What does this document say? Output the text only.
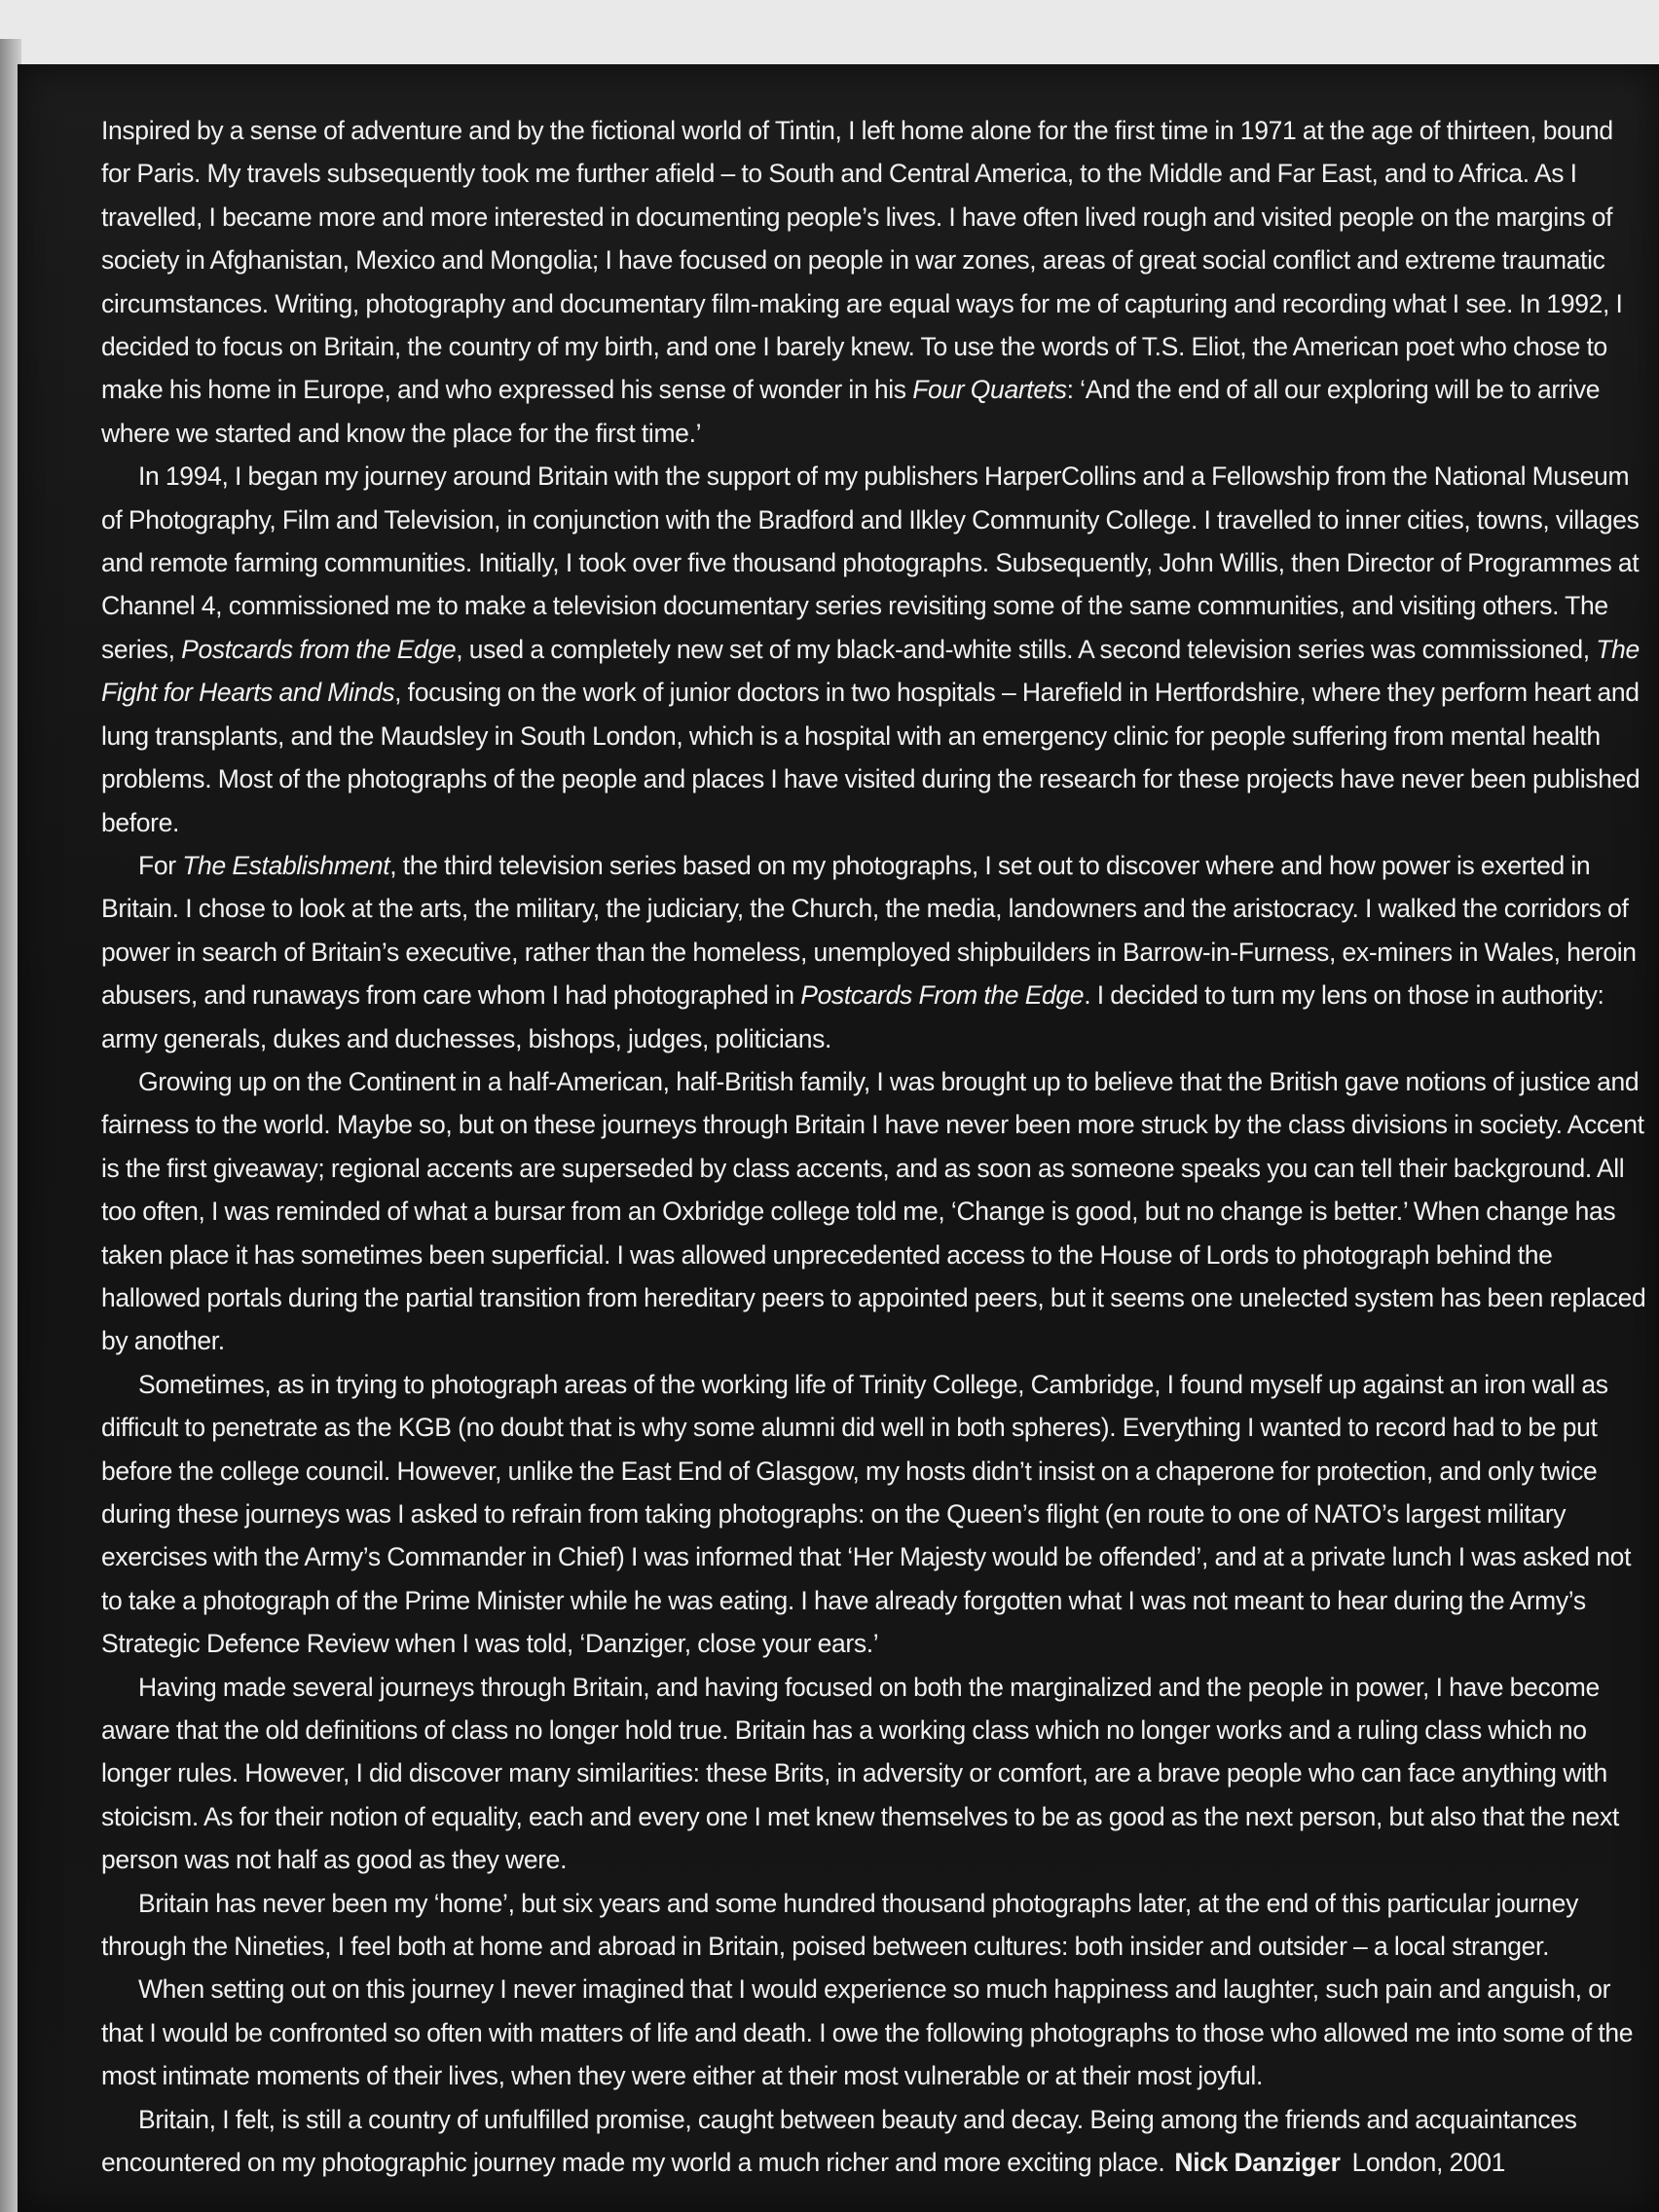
Inspired by a sense of adventure and by the fictional world of Tintin, I left home alone for the first time in 1971 at the age of thirteen, bound for Paris. My travels subsequently took me further afield – to South and Central America, to the Middle and Far East, and to Africa. As I travelled, I became more and more interested in documenting people’s lives. I have often lived rough and visited people on the margins of society in Afghanistan, Mexico and Mongolia; I have focused on people in war zones, areas of great social conflict and extreme traumatic circumstances. Writing, photography and documentary film-making are equal ways for me of capturing and recording what I see. In 1992, I decided to focus on Britain, the country of my birth, and one I barely knew. To use the words of T.S. Eliot, the American poet who chose to make his home in Europe, and who expressed his sense of wonder in his Four Quartets: ‘And the end of all our exploring will be to arrive where we started and know the place for the first time.’

In 1994, I began my journey around Britain with the support of my publishers HarperCollins and a Fellowship from the National Museum of Photography, Film and Television, in conjunction with the Bradford and Ilkley Community College. I travelled to inner cities, towns, villages and remote farming communities. Initially, I took over five thousand photographs. Subsequently, John Willis, then Director of Programmes at Channel 4, commissioned me to make a television documentary series revisiting some of the same communities, and visiting others. The series, Postcards from the Edge, used a completely new set of my black-and-white stills. A second television series was commissioned, The Fight for Hearts and Minds, focusing on the work of junior doctors in two hospitals – Harefield in Hertfordshire, where they perform heart and lung transplants, and the Maudsley in South London, which is a hospital with an emergency clinic for people suffering from mental health problems. Most of the photographs of the people and places I have visited during the research for these projects have never been published before.

For The Establishment, the third television series based on my photographs, I set out to discover where and how power is exerted in Britain. I chose to look at the arts, the military, the judiciary, the Church, the media, landowners and the aristocracy. I walked the corridors of power in search of Britain’s executive, rather than the homeless, unemployed shipbuilders in Barrow-in-Furness, ex-miners in Wales, heroin abusers, and runaways from care whom I had photographed in Postcards From the Edge. I decided to turn my lens on those in authority: army generals, dukes and duchesses, bishops, judges, politicians.

Growing up on the Continent in a half-American, half-British family, I was brought up to believe that the British gave notions of justice and fairness to the world. Maybe so, but on these journeys through Britain I have never been more struck by the class divisions in society. Accent is the first giveaway; regional accents are superseded by class accents, and as soon as someone speaks you can tell their background. All too often, I was reminded of what a bursar from an Oxbridge college told me, ‘Change is good, but no change is better.’ When change has taken place it has sometimes been superficial. I was allowed unprecedented access to the House of Lords to photograph behind the hallowed portals during the partial transition from hereditary peers to appointed peers, but it seems one unelected system has been replaced by another.

Sometimes, as in trying to photograph areas of the working life of Trinity College, Cambridge, I found myself up against an iron wall as difficult to penetrate as the KGB (no doubt that is why some alumni did well in both spheres). Everything I wanted to record had to be put before the college council. However, unlike the East End of Glasgow, my hosts didn’t insist on a chaperone for protection, and only twice during these journeys was I asked to refrain from taking photographs: on the Queen’s flight (en route to one of NATO’s largest military exercises with the Army’s Commander in Chief) I was informed that ‘Her Majesty would be offended’, and at a private lunch I was asked not to take a photograph of the Prime Minister while he was eating. I have already forgotten what I was not meant to hear during the Army’s Strategic Defence Review when I was told, ‘Danziger, close your ears.’

Having made several journeys through Britain, and having focused on both the marginalized and the people in power, I have become aware that the old definitions of class no longer hold true. Britain has a working class which no longer works and a ruling class which no longer rules. However, I did discover many similarities: these Brits, in adversity or comfort, are a brave people who can face anything with stoicism. As for their notion of equality, each and every one I met knew themselves to be as good as the next person, but also that the next person was not half as good as they were.

Britain has never been my ‘home’, but six years and some hundred thousand photographs later, at the end of this particular journey through the Nineties, I feel both at home and abroad in Britain, poised between cultures: both insider and outsider – a local stranger.

When setting out on this journey I never imagined that I would experience so much happiness and laughter, such pain and anguish, or that I would be confronted so often with matters of life and death. I owe the following photographs to those who allowed me into some of the most intimate moments of their lives, when they were either at their most vulnerable or at their most joyful.

Britain, I felt, is still a country of unfulfilled promise, caught between beauty and decay. Being among the friends and acquaintances encountered on my photographic journey made my world a much richer and more exciting place. Nick Danziger London, 2001
